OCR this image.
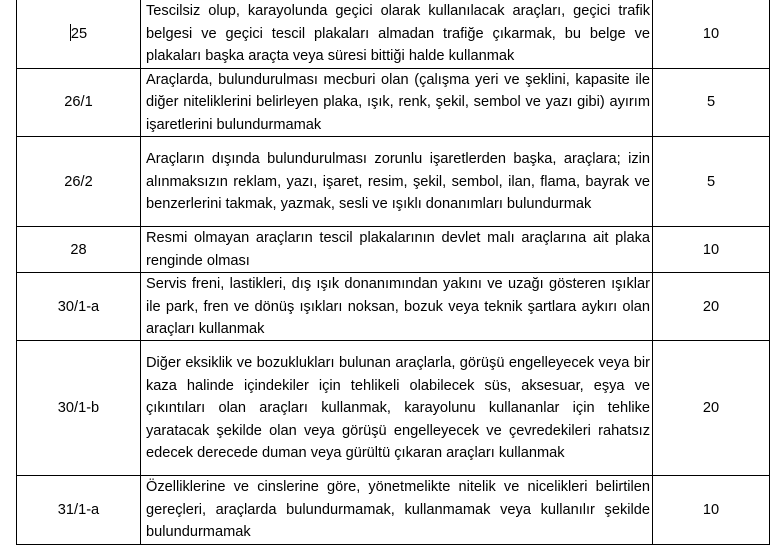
25	Tescilsiz olup, karayolunda geçici olarak kullanılacak araçları, geçici trafik belgesi ve geçici tescil plakaları almadan trafiğe çıkarmak, bu belge ve plakaları başka araçta veya süresi bittiği halde kullanmak	10
26/1	Araçlarda, bulundurulması mecburi olan (çalışma yeri ve şeklini, kapasite ile diğer niteliklerini belirleyen plaka, ışık, renk, şekil, sembol ve yazı gibi) ayırım işaretlerini bulundurmamak	5
26/2	Araçların dışında bulundurulması zorunlu işaretlerden başka, araçlara; izin alınmaksızın reklam, yazı, işaret, resim, şekil, sembol, ilan, flama, bayrak ve benzerlerini takmak, yazmak, sesli ve ışıklı donanımları bulundurmak	5
28	Resmi olmayan araçların tescil plakalarının devlet malı araçlarına ait plaka renginde olması	10
30/1-a	Servis freni, lastikleri, dış ışık donanımından yakını ve uzağı gösteren ışıklar ile park, fren ve dönüş ışıkları noksan, bozuk veya teknik şartlara aykırı olan araçları kullanmak	20
30/1-b	Diğer eksiklik ve bozuklukları bulunan araçlarla, görüşü engelleyecek veya bir kaza halinde içindekiler için tehlikeli olabilecek süs, aksesuar, eşya ve çıkıntıları olan araçları kullanmak, karayolunu kullananlar için tehlike yaratacak şekilde olan veya görüşü engelleyecek ve çevredekileri rahatsız edecek derecede duman veya gürültü çıkaran araçları kullanmak	20
31/1-a	Özelliklerine ve cinslerine göre, yönetmelikte nitelik ve nicelikleri belirtilen gereçleri, araçlarda bulundurmamak, kullanmamak veya kullanılır şekilde bulundurmamak	10
